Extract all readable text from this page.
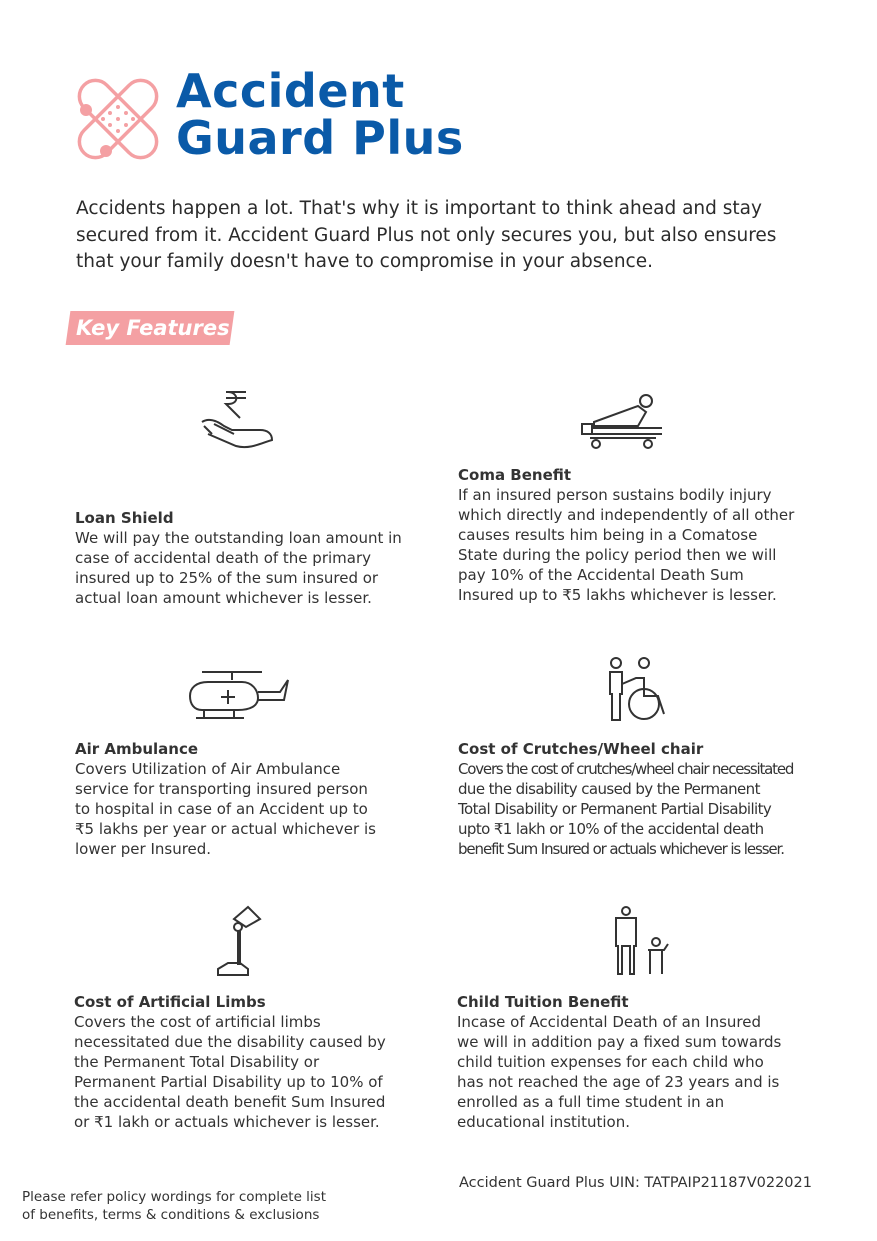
Accident
Guard Plus
Accidents happen a lot. That's why it is important to think ahead and stay
secured from it. Accident Guard Plus not only secures you, but also ensures
that your family doesn't have to compromise in your absence.
Key Features
Loan Shield
We will pay the outstanding loan amount in
case of accidental death of the primary
insured up to 25% of the sum insured or
actual loan amount whichever is lesser.
Coma Benefit
If an insured person sustains bodily injury
which directly and independently of all other
causes results him being in a Comatose
State during the policy period then we will
pay 10% of the Accidental Death Sum
Insured up to ₹5 lakhs whichever is lesser.
Air Ambulance
Covers Utilization of Air Ambulance
service for transporting insured person
to hospital in case of an Accident up to
₹5 lakhs per year or actual whichever is
lower per Insured.
Cost of Crutches/Wheel chair
Covers the cost of crutches/wheel chair necessitated
due the disability caused by the Permanent
Total Disability or Permanent Partial Disability
upto ₹1 lakh or 10% of the accidental death
benefit Sum Insured or actuals whichever is lesser.
Cost of Artificial Limbs
Covers the cost of artificial limbs
necessitated due the disability caused by
the Permanent Total Disability or
Permanent Partial Disability up to 10% of
the accidental death benefit Sum Insured
or ₹1 lakh or actuals whichever is lesser.
Child Tuition Benefit
Incase of Accidental Death of an Insured
we will in addition pay a fixed sum towards
child tuition expenses for each child who
has not reached the age of 23 years and is
enrolled as a full time student in an
educational institution.
Accident Guard Plus UIN: TATPAIP21187V022021
Please refer policy wordings for complete list
of benefits, terms & conditions & exclusions
